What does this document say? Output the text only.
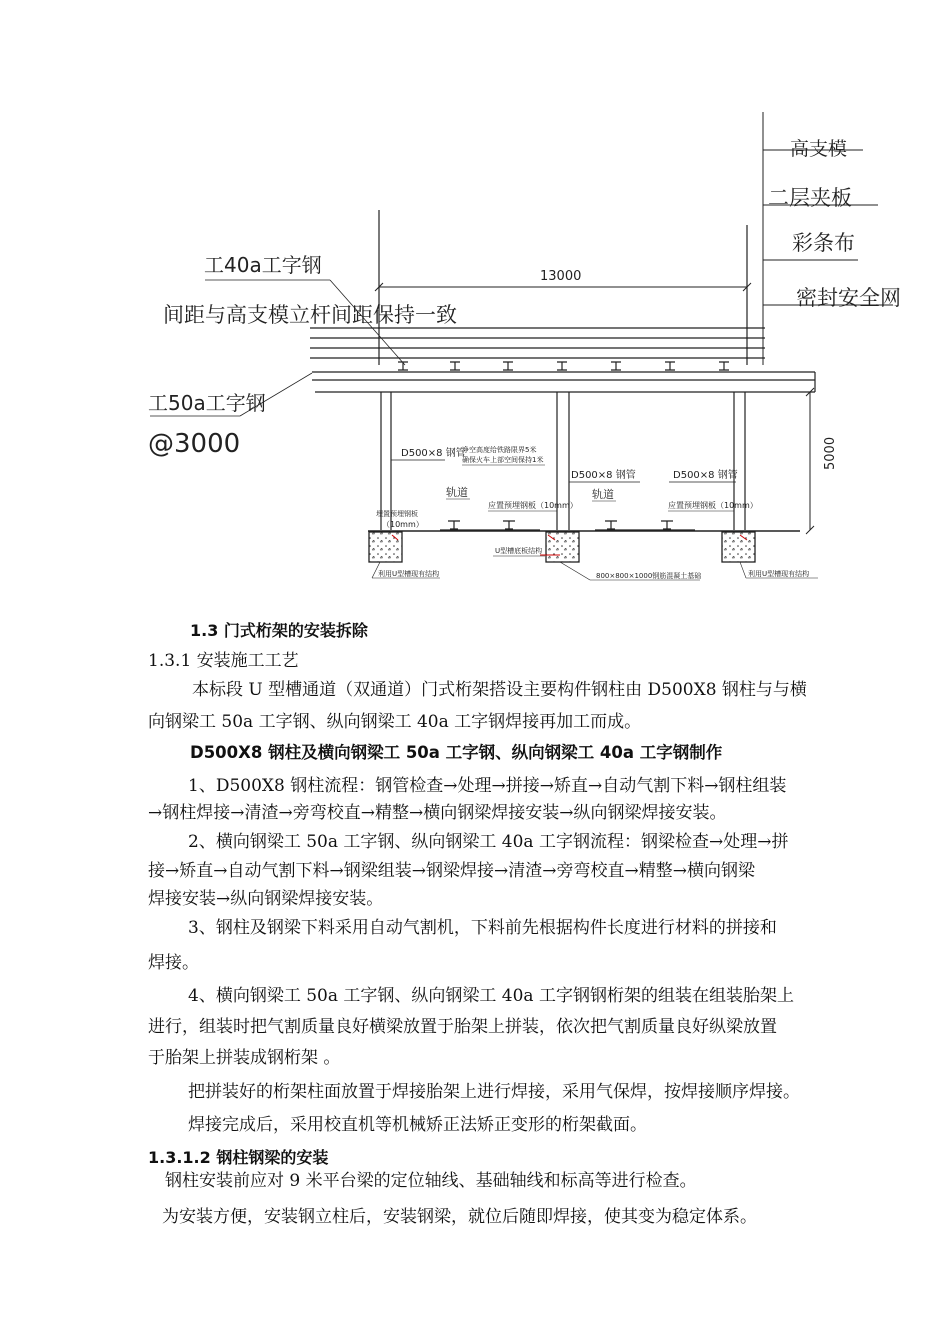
高支模
二层夹板
彩条布
密封安全网
13000
工40a工字钢
间距与高支模立杆间距保持一致
工50a工字钢
@3000	5000
D500×8 钢管
D500×8 钢管	D500×8 钢管
净空高度给铁路限界5米
确保火车上部空间保持1米
轨道	轨道
埋置预埋钢板
（10mm）
应置预埋钢板（10mm）	应置预埋钢板（10mm）
U型槽底板结构
利用U型槽现有结构	800×800×1000钢筋混凝土基础	利用U型槽现有结构
1.3 门式桁架的安装拆除
1.3.1 安装施工工艺
本标段 U 型槽通道（双通道）门式桁架搭设主要构件钢柱由 D500X8 钢柱与与横
向钢梁工 50a 工字钢、纵向钢梁工 40a 工字钢焊接再加工而成。
D500X8 钢柱及横向钢梁工 50a 工字钢、纵向钢梁工 40a 工字钢制作
1、D500X8 钢柱流程：钢管检查→处理→拼接→矫直→自动气割下料→钢柱组装
→钢柱焊接→清渣→旁弯校直→精整→横向钢梁焊接安装→纵向钢梁焊接安装。
2、横向钢梁工 50a 工字钢、纵向钢梁工 40a 工字钢流程：钢梁检查→处理→拼
接→矫直→自动气割下料→钢梁组装→钢梁焊接→清渣→旁弯校直→精整→横向钢梁
焊接安装→纵向钢梁焊接安装。
3、钢柱及钢梁下料采用自动气割机，下料前先根据构件长度进行材料的拼接和
焊接。
4、横向钢梁工 50a 工字钢、纵向钢梁工 40a 工字钢钢桁架的组装在组装胎架上
进行，组装时把气割质量良好横梁放置于胎架上拼装，依次把气割质量良好纵梁放置
于胎架上拼装成钢桁架 。
把拼装好的桁架柱面放置于焊接胎架上进行焊接，采用气保焊，按焊接顺序焊接。
焊接完成后，采用校直机等机械矫正法矫正变形的桁架截面。
1.3.1.2 钢柱钢梁的安装
钢柱安装前应对 9 米平台梁的定位轴线、基础轴线和标高等进行检查。
为安装方便，安装钢立柱后，安装钢梁，就位后随即焊接，使其变为稳定体系。
